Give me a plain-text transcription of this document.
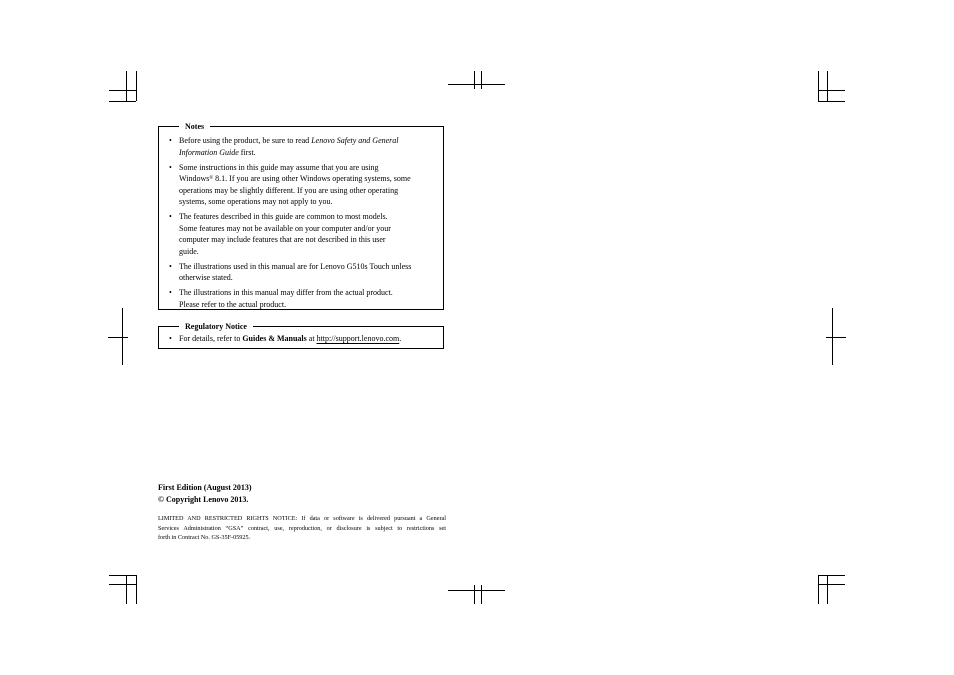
Notes
• Before using the product, be sure to read Lenovo Safety and General
Information Guide first.
• Some instructions in this guide may assume that you are using
Windows® 8.1. If you are using other Windows operating systems, some
operations may be slightly different. If you are using other operating
systems, some operations may not apply to you.
• The features described in this guide are common to most models.
Some features may not be available on your computer and/or your
computer may include features that are not described in this user
guide.
• The illustrations used in this manual are for Lenovo G510s Touch unless
otherwise stated.
• The illustrations in this manual may differ from the actual product.
Please refer to the actual product.
Regulatory Notice
• For details, refer to Guides & Manuals at http://support.lenovo.com.
First Edition (August 2013)
© Copyright Lenovo 2013.
LIMITED AND RESTRICTED RIGHTS NOTICE: If data or software is delivered pursuant a General
Services Administration “GSA” contract, use, reproduction, or disclosure is subject to restrictions set
forth in Contract No. GS-35F-05925.
